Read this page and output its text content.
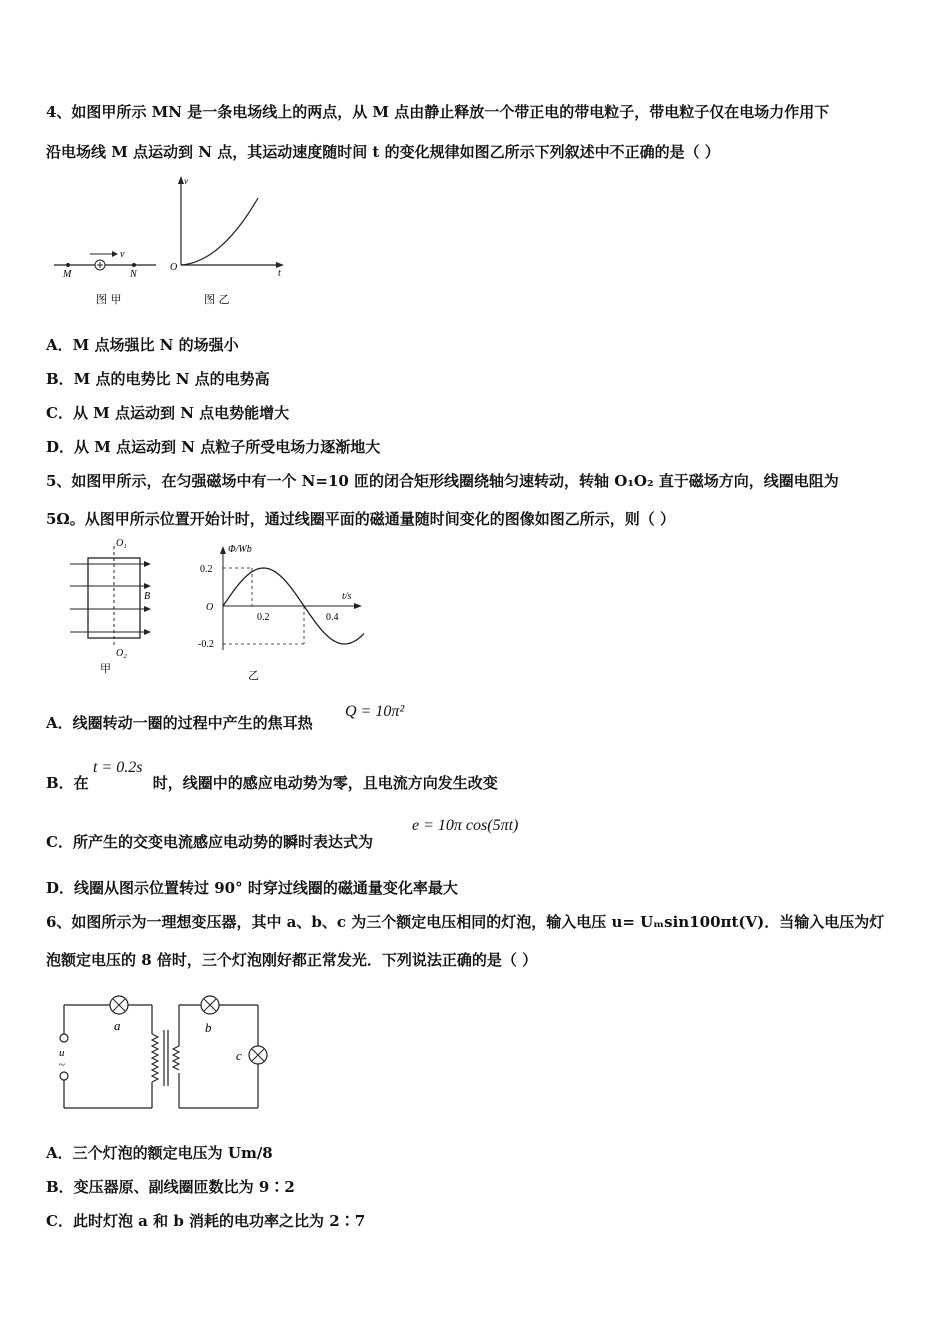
4、如图甲所示 MN 是一条电场线上的两点，从 M 点由静止释放一个带正电的带电粒子，带电粒子仅在电场力作用下
沿电场线 M 点运动到 N 点，其运动速度随时间 t 的变化规律如图乙所示下列叙述中不正确的是（ ）
v
M	N
图 甲
v
t
O
图 乙
A．M 点场强比 N 的场强小
B．M 点的电势比 N 点的电势高
C．从 M 点运动到 N 点电势能增大
D．从 M 点运动到 N 点粒子所受电场力逐渐地大
5、如图甲所示，在匀强磁场中有一个 N=10 匝的闭合矩形线圈绕轴匀速转动，转轴 O₁O₂ 直于磁场方向，线圈电阻为
5Ω。从图甲所示位置开始计时，通过线圈平面的磁通量随时间变化的图像如图乙所示，则（ ）
O₁
O₂
B
甲
Φ/Wb
t/s
O
0.2
-0.2
0.2	0.4
乙
A．线圈转动一圈的过程中产生的焦耳热
Q = 10π²
B．在	时，线圈中的感应电动势为零，且电流方向发生改变
t = 0.2s
C．所产生的交变电流感应电动势的瞬时表达式为
e = 10π cos(5πt)
D．线圈从图示位置转过 90° 时穿过线圈的磁通量变化率最大
6、如图所示为一理想变压器，其中 a、b、c 为三个额定电压相同的灯泡，输入电压 u= Uₘsin100πt(V)．当输入电压为灯
泡额定电压的 8 倍时，三个灯泡刚好都正常发光．下列说法正确的是（ ）
u
~
a	b
c
A．三个灯泡的额定电压为 Um/8
B．变压器原、副线圈匝数比为 9∶2
C．此时灯泡 a 和 b 消耗的电功率之比为 2∶7
